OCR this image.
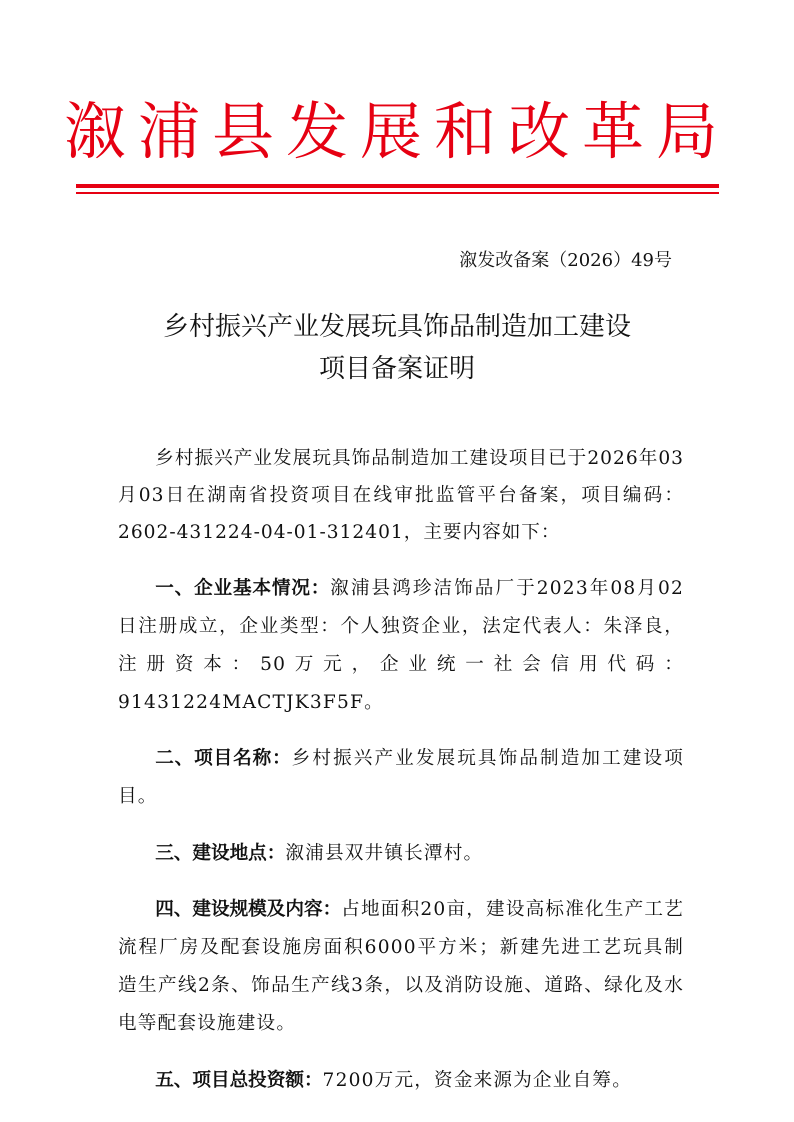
溆浦县发展和改革局
溆发改备案（2026）49号
乡村振兴产业发展玩具饰品制造加工建设
项目备案证明

乡村振兴产业发展玩具饰品制造加工建设项目已于2026年03月03日在湖南省投资项目在线审批监管平台备案，项目编码：2602-431224-04-01-312401，主要内容如下：

一、企业基本情况：溆浦县鸿珍洁饰品厂于2023年08月02日注册成立，企业类型：个人独资企业，法定代表人：朱泽良，注册资本：50万元，企业统一社会信用代码：91431224MACTJK3F5F。

二、项目名称：乡村振兴产业发展玩具饰品制造加工建设项目。

三、建设地点：溆浦县双井镇长潭村。

四、建设规模及内容：占地面积20亩，建设高标准化生产工艺流程厂房及配套设施房面积6000平方米；新建先进工艺玩具制造生产线2条、饰品生产线3条，以及消防设施、道路、绿化及水电等配套设施建设。

五、项目总投资额：7200万元，资金来源为企业自筹。
